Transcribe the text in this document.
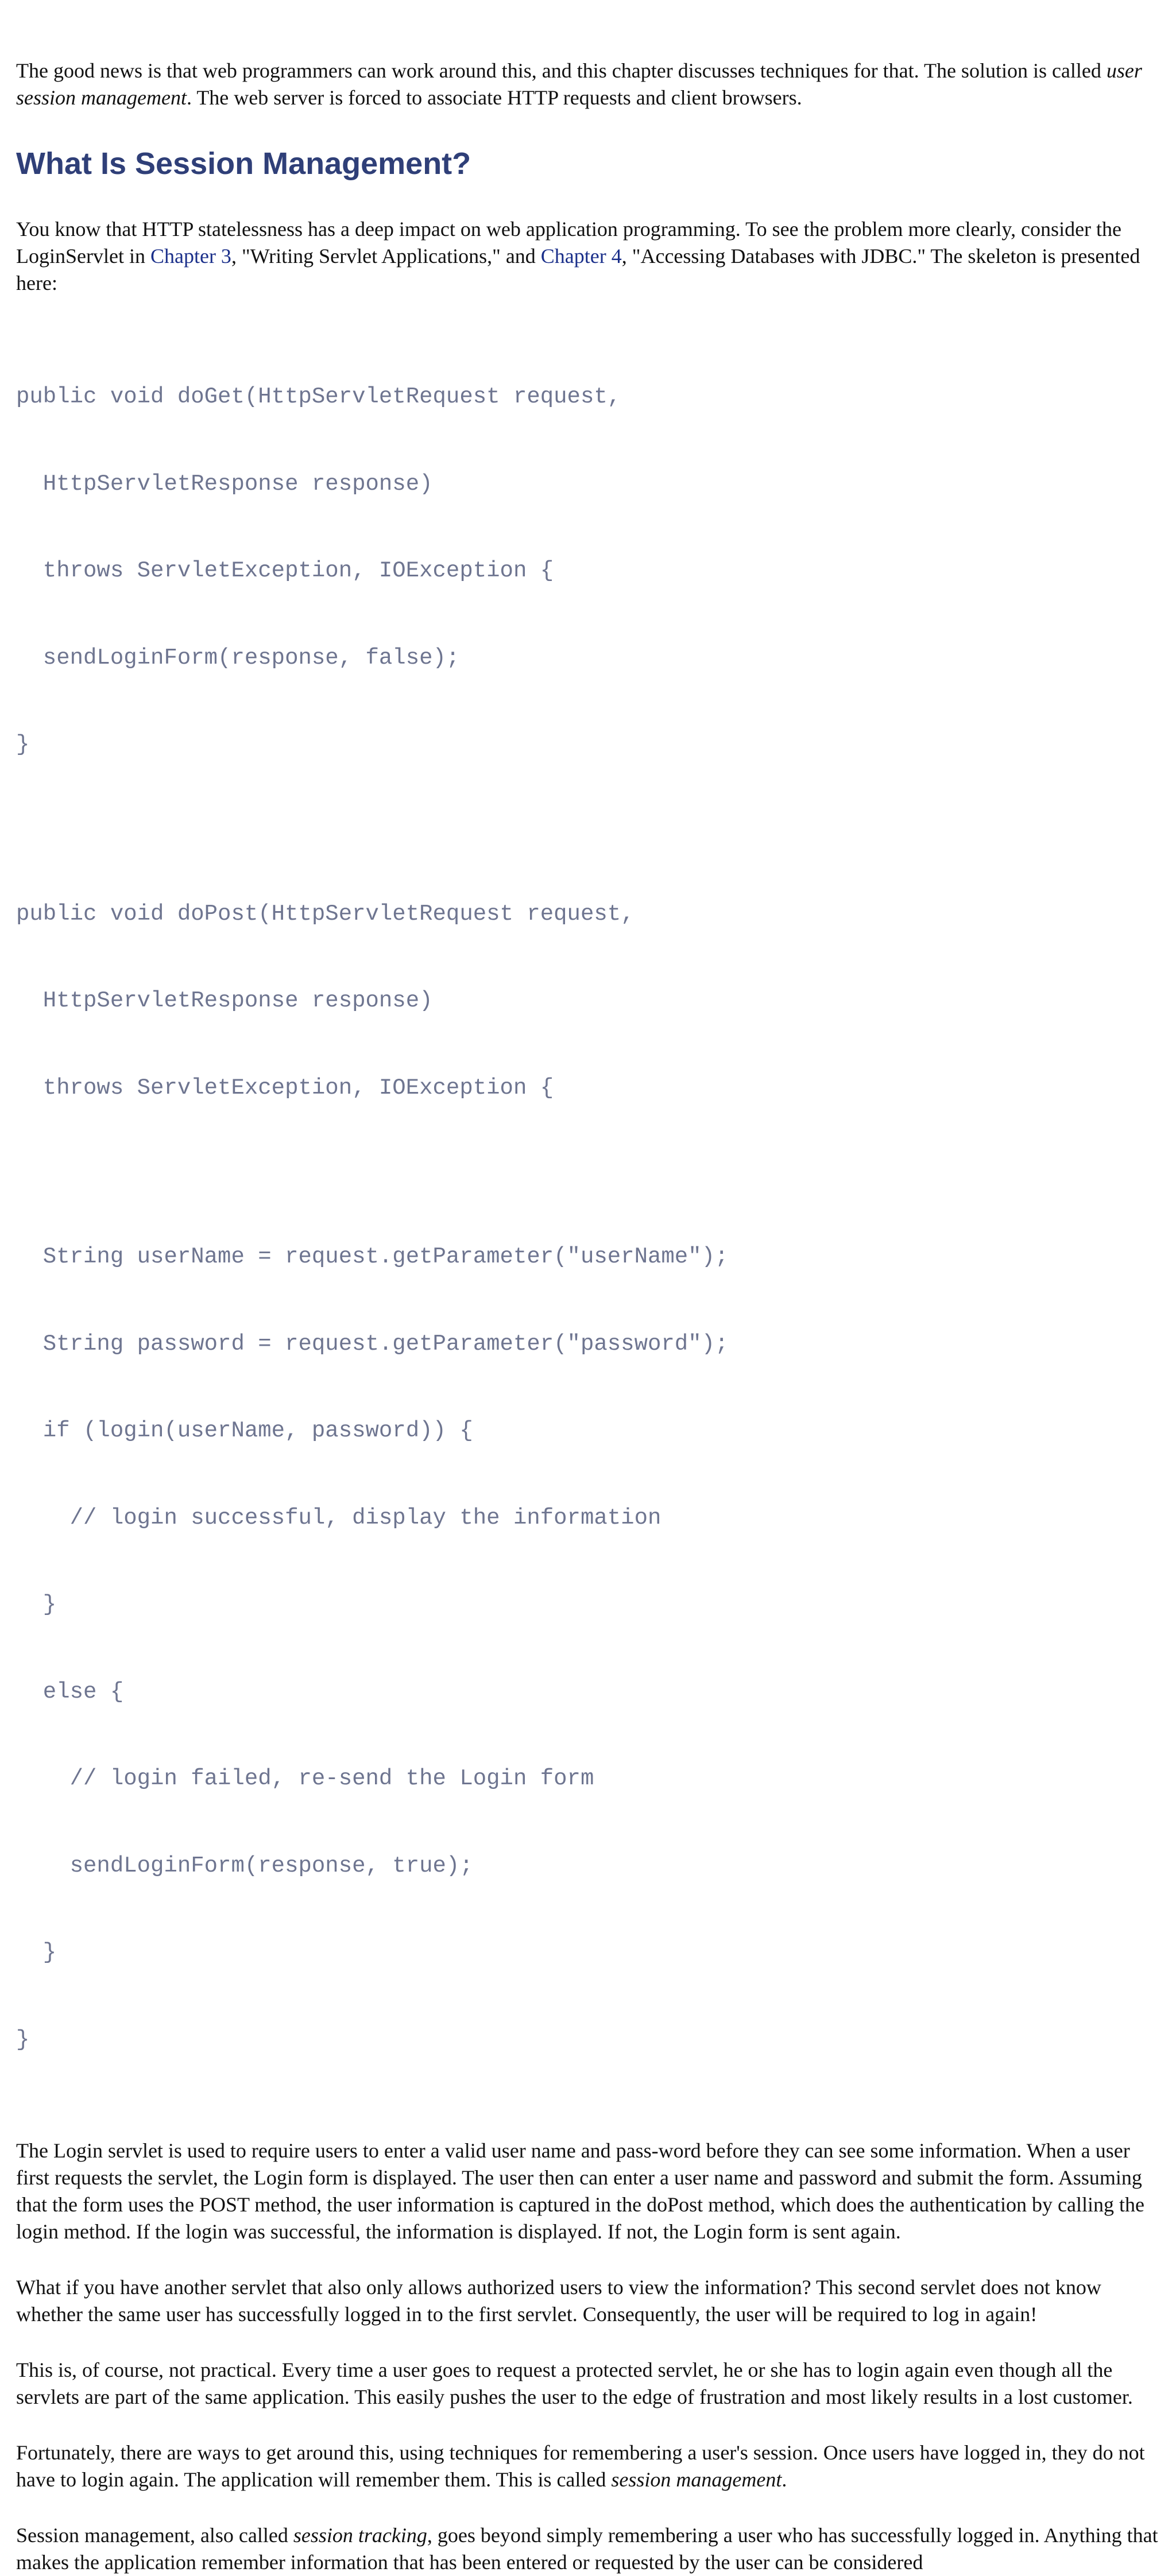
The good news is that web programmers can work around this, and this chapter discusses techniques for that. The solution is called user session management. The web server is forced to associate HTTP requests and client browsers.

What Is Session Management?

You know that HTTP statelessness has a deep impact on web application programming. To see the problem more clearly, consider the LoginServlet in Chapter 3, "Writing Servlet Applications," and Chapter 4, "Accessing Databases with JDBC." The skeleton is presented here:

public void doGet(HttpServletRequest request,

HttpServletResponse response)

throws ServletException, IOException {

sendLoginForm(response, false);

}

public void doPost(HttpServletRequest request,

HttpServletResponse response)

throws ServletException, IOException {

String userName = request.getParameter("userName");

String password = request.getParameter("password");

if (login(userName, password)) {

// login successful, display the information

}

else {

// login failed, re-send the Login form

sendLoginForm(response, true);

}

}

The Login servlet is used to require users to enter a valid user name and pass-word before they can see some information. When a user first requests the servlet, the Login form is displayed. The user then can enter a user name and password and submit the form. Assuming that the form uses the POST method, the user information is captured in the doPost method, which does the authentication by calling the login method. If the login was successful, the information is displayed. If not, the Login form is sent again.

What if you have another servlet that also only allows authorized users to view the information? This second servlet does not know whether the same user has successfully logged in to the first servlet. Consequently, the user will be required to log in again!

This is, of course, not practical. Every time a user goes to request a protected servlet, he or she has to login again even though all the servlets are part of the same application. This easily pushes the user to the edge of frustration and most likely results in a lost customer.

Fortunately, there are ways to get around this, using techniques for remembering a user's session. Once users have logged in, they do not have to login again. The application will remember them. This is called session management.

Session management, also called session tracking, goes beyond simply remembering a user who has successfully logged in. Anything that makes the application remember information that has been entered or requested by the user can be considered
